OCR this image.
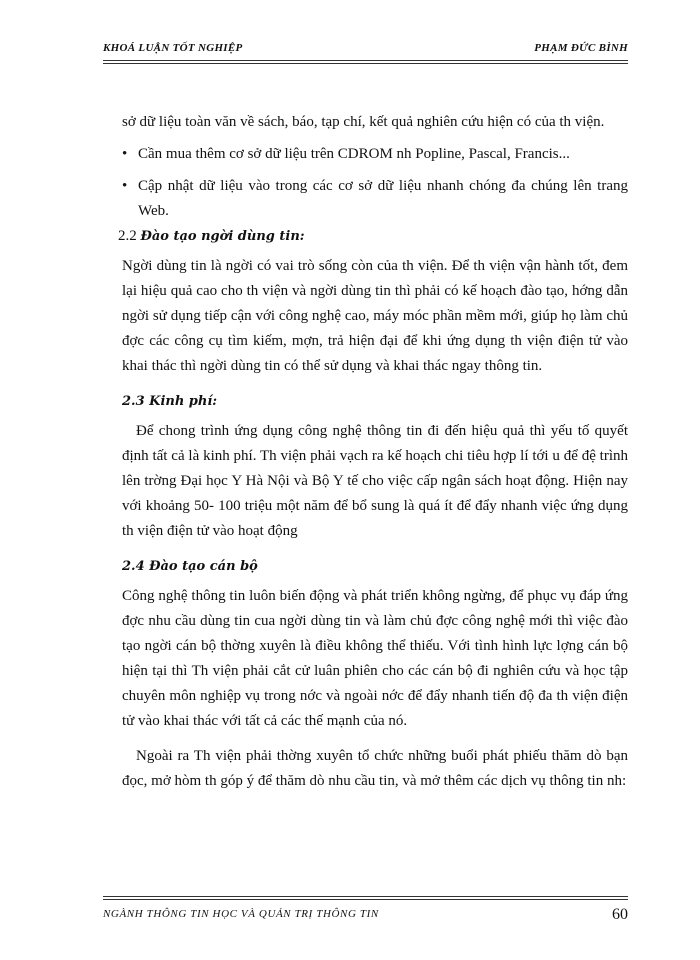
KHOÁ LUẬN TỐT NGHIỆP	PHẠM ĐỨC BÌNH

sở dữ liệu toàn văn về sách, báo, tạp chí, kết quả nghiên cứu hiện có của th viện.

• Cần mua thêm cơ sở dữ liệu trên CDROM nh Popline, Pascal, Francis...
• Cập nhật dữ liệu vào trong các cơ sở dữ liệu nhanh chóng đa chúng lên trang Web.

2.2 Đào tạo ngời dùng tin:

Ngời dùng tin là ngời có vai trò sống còn của th viện. Để th viện vận hành tốt, đem lại hiệu quả cao cho th viện và ngời dùng tin thì phải có kế hoạch đào tạo, hớng dẫn ngời sử dụng tiếp cận với công nghệ cao, máy móc phần mềm mới, giúp họ làm chủ đợc các công cụ tìm kiếm, mợn, trả hiện đại để khi ứng dụng th viện điện tử vào khai thác thì ngời dùng tin có thể sử dụng và khai thác ngay thông tin.

2.3 Kinh phí:

Để chong trình ứng dụng công nghệ thông tin đi đến hiệu quả thì yếu tố quyết định tất cả là kinh phí. Th viện phải vạch ra kế hoạch chi tiêu hợp lí tới u để đệ trình lên trờng Đại học Y Hà Nội và Bộ Y tế cho việc cấp ngân sách hoạt động. Hiện nay với khoảng 50- 100 triệu một năm để bổ sung là quá ít để đẩy nhanh việc ứng dụng th viện điện tử vào hoạt động

2.4 Đào tạo cán bộ

Công nghệ thông tin luôn biến động và phát triển không ngừng, để phục vụ đáp ứng đợc nhu cầu dùng tin cua ngời dùng tin và làm chủ đợc công nghệ mới thì việc đào tạo ngời cán bộ thờng xuyên là điều không thể thiếu. Với tình hình lực lợng cán bộ hiện tại thì Th viện phải cắt cử luân phiên cho các cán bộ đi nghiên cứu và học tập chuyên môn nghiệp vụ trong nớc và ngoài nớc để đẩy nhanh tiến độ đa th viện điện tử vào khai thác với tất cả các thế mạnh của nó.

Ngoài ra Th viện phải thờng xuyên tổ chức những buổi phát phiếu thăm dò bạn đọc, mở hòm th góp ý để thăm dò nhu cầu tin, và mở thêm các dịch vụ thông tin nh:

NGÀNH THÔNG TIN HỌC VÀ QUẢN TRỊ THÔNG TIN	60
